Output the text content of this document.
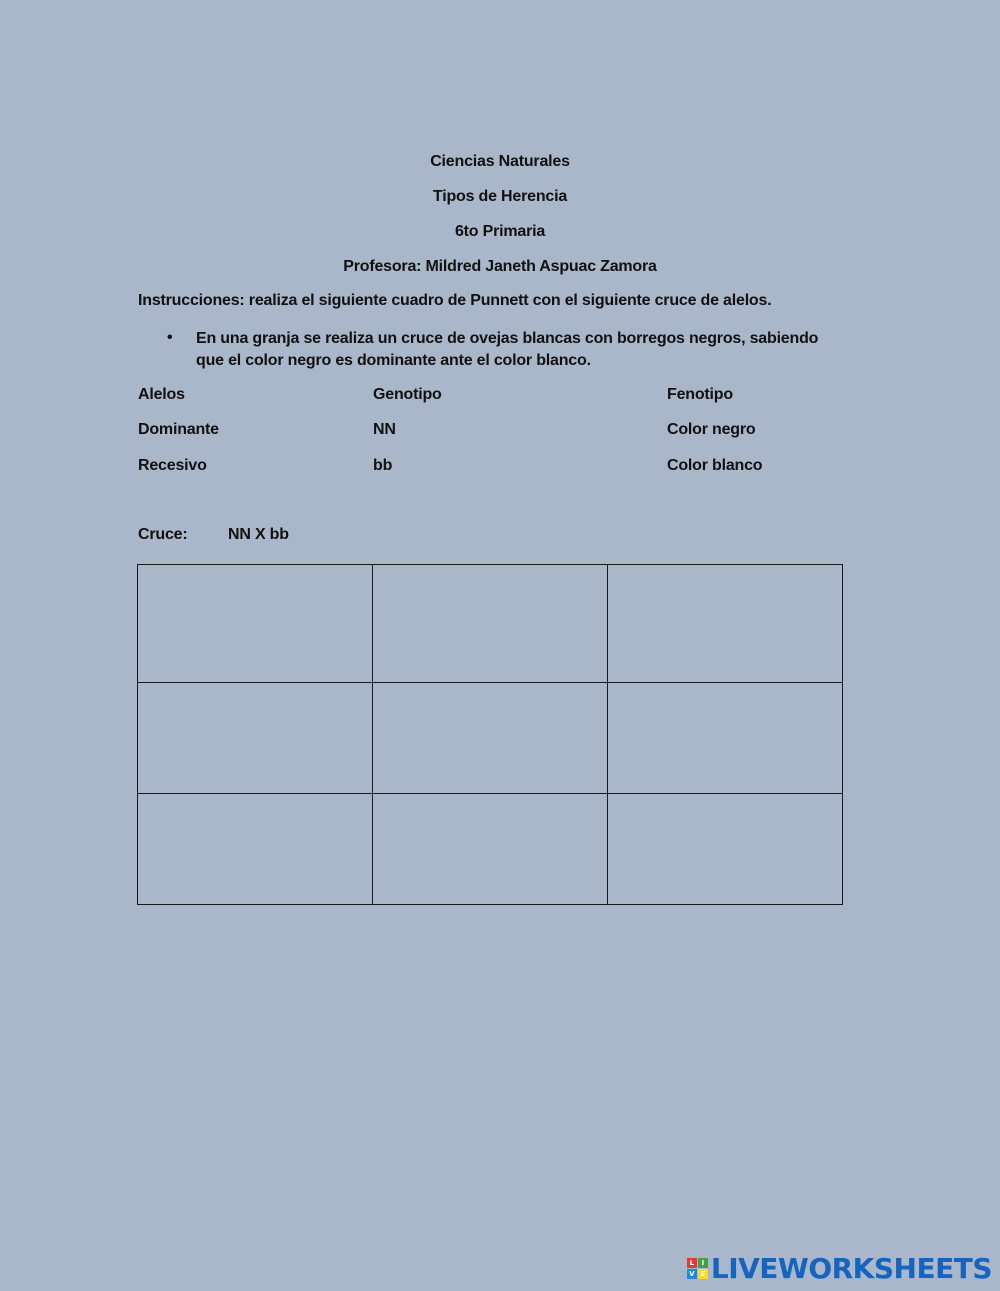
Ciencias Naturales
Tipos de Herencia
6to Primaria
Profesora: Mildred Janeth Aspuac Zamora
Instrucciones: realiza el siguiente cuadro de Punnett con el siguiente cruce de alelos.
• En una granja se realiza un cruce de ovejas blancas con borregos negros, sabiendo
que el color negro es dominante ante el color blanco.
Alelos	Genotipo	Fenotipo
Dominante	NN	Color negro
Recesivo	bb	Color blanco
Cruce:	NN X bb

L	I
V E LIVEWORKSHEETS
